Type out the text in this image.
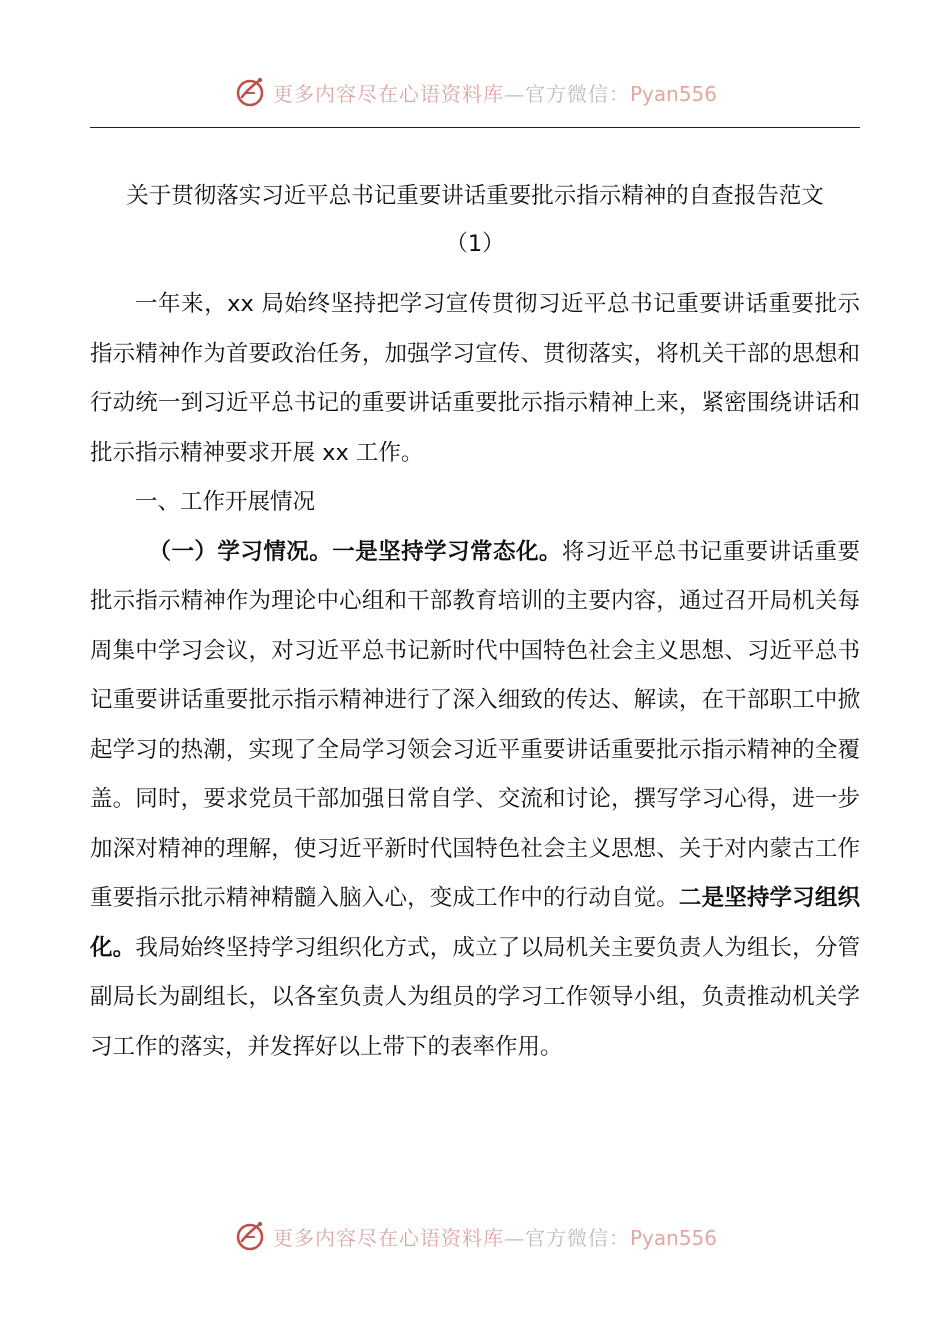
更多内容尽在心语资料库—官方微信：Pyan556
关于贯彻落实习近平总书记重要讲话重要批示指示精神的自查报告范文
（1）

一年来，xx 局始终坚持把学习宣传贯彻习近平总书记重要讲话重要批示指示精神作为首要政治任务，加强学习宣传、贯彻落实，将机关干部的思想和行动统一到习近平总书记的重要讲话重要批示指示精神上来，紧密围绕讲话和批示指示精神要求开展 xx 工作。

一、工作开展情况

（一）学习情况。一是坚持学习常态化。将习近平总书记重要讲话重要批示指示精神作为理论中心组和干部教育培训的主要内容，通过召开局机关每周集中学习会议，对习近平总书记新时代中国特色社会主义思想、习近平总书记重要讲话重要批示指示精神进行了深入细致的传达、解读，在干部职工中掀起学习的热潮，实现了全局学习领会习近平重要讲话重要批示指示精神的全覆盖。同时，要求党员干部加强日常自学、交流和讨论，撰写学习心得，进一步加深对精神的理解，使习近平新时代国特色社会主义思想、关于对内蒙古工作重要指示批示精神精髓入脑入心，变成工作中的行动自觉。二是坚持学习组织化。我局始终坚持学习组织化方式，成立了以局机关主要负责人为组长，分管副局长为副组长，以各室负责人为组员的学习工作领导小组，负责推动机关学习工作的落实，并发挥好以上带下的表率作用。

更多内容尽在心语资料库—官方微信：Pyan556
